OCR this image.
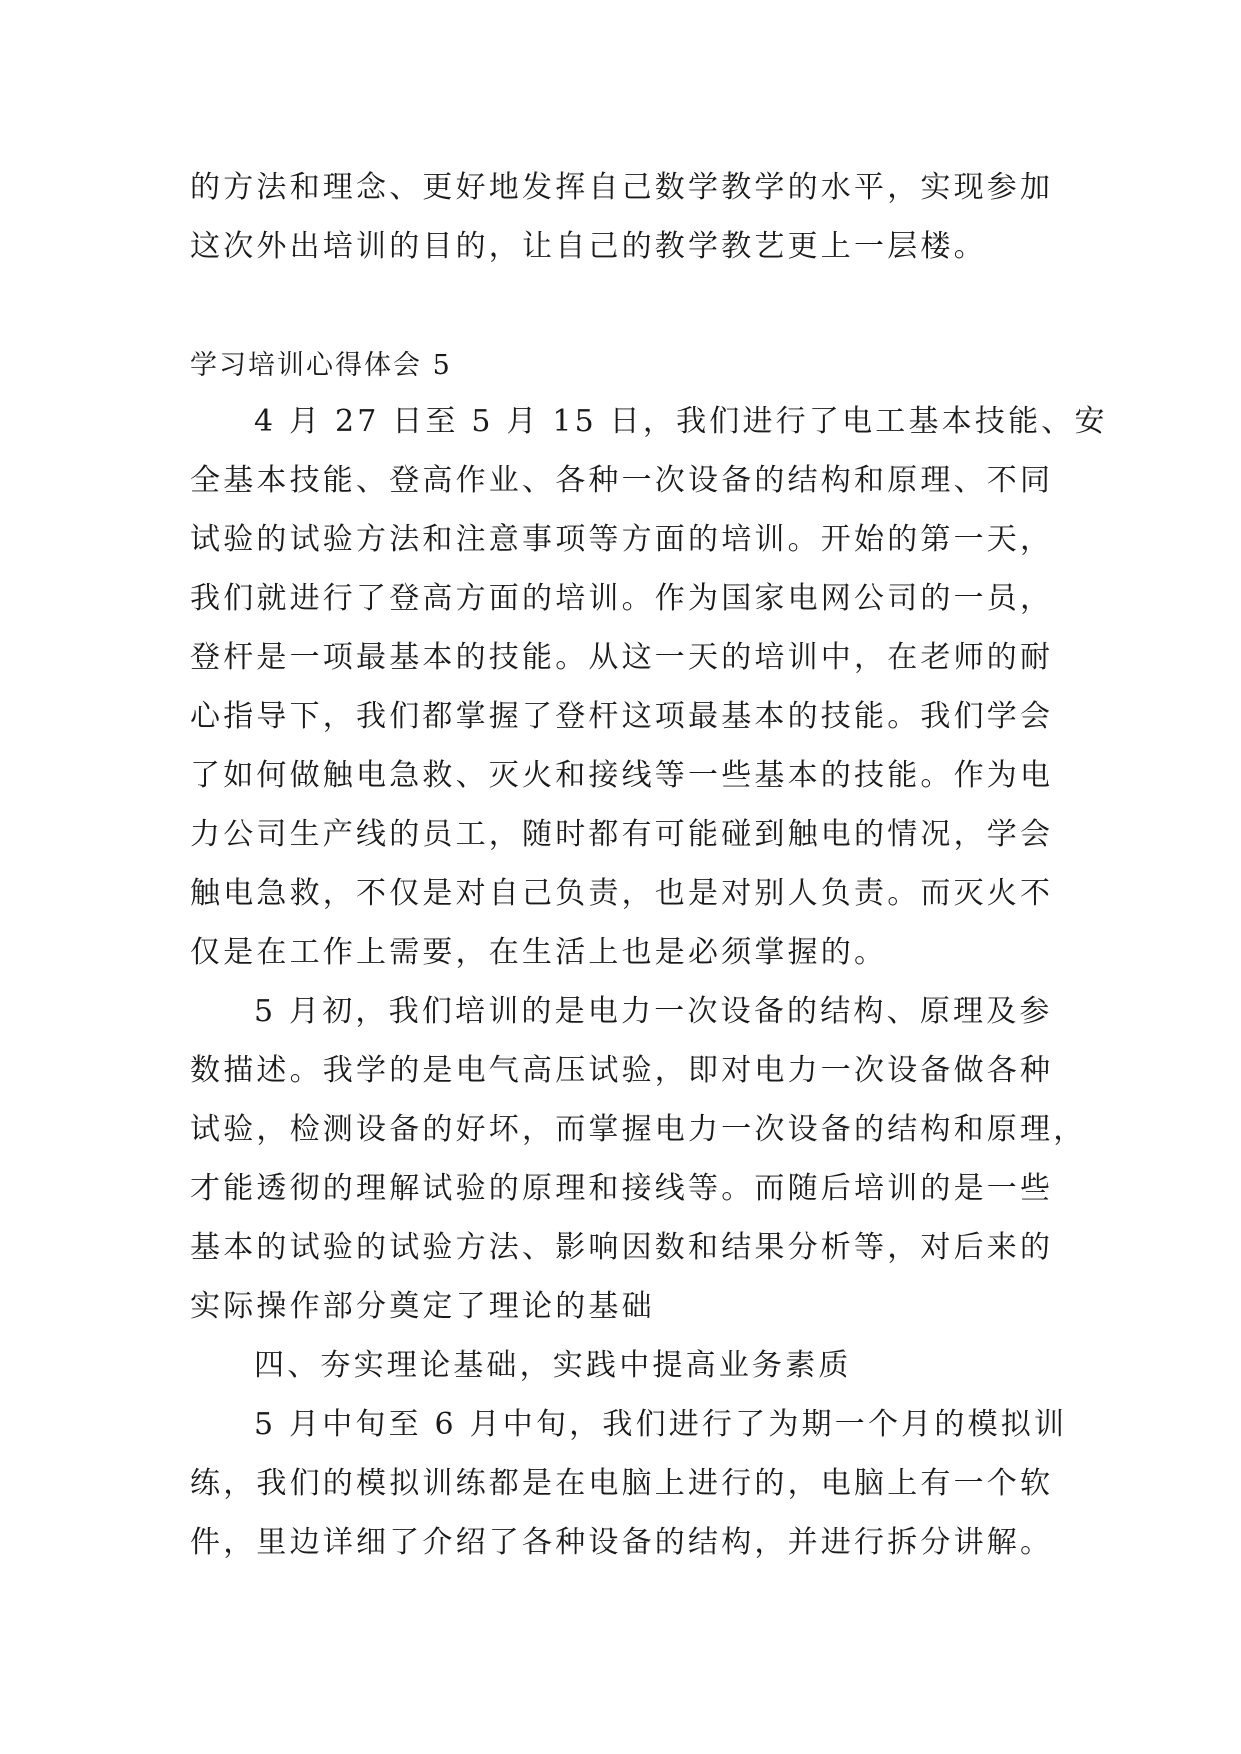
的方法和理念、更好地发挥自己数学教学的水平，实现参加
这次外出培训的目的，让自己的教学教艺更上一层楼。
学习培训心得体会 5
4 月 27 日至 5 月 15 日，我们进行了电工基本技能、安
全基本技能、登高作业、各种一次设备的结构和原理、不同
试验的试验方法和注意事项等方面的培训。开始的第一天，
我们就进行了登高方面的培训。作为国家电网公司的一员，
登杆是一项最基本的技能。从这一天的培训中，在老师的耐
心指导下，我们都掌握了登杆这项最基本的技能。我们学会
了如何做触电急救、灭火和接线等一些基本的技能。作为电
力公司生产线的员工，随时都有可能碰到触电的情况，学会
触电急救，不仅是对自己负责，也是对别人负责。而灭火不
仅是在工作上需要，在生活上也是必须掌握的。
5 月初，我们培训的是电力一次设备的结构、原理及参
数描述。我学的是电气高压试验，即对电力一次设备做各种
试验，检测设备的好坏，而掌握电力一次设备的结构和原理，
才能透彻的理解试验的原理和接线等。而随后培训的是一些
基本的试验的试验方法、影响因数和结果分析等，对后来的
实际操作部分奠定了理论的基础
四、夯实理论基础，实践中提高业务素质
5 月中旬至 6 月中旬，我们进行了为期一个月的模拟训
练，我们的模拟训练都是在电脑上进行的，电脑上有一个软
件，里边详细了介绍了各种设备的结构，并进行拆分讲解。
